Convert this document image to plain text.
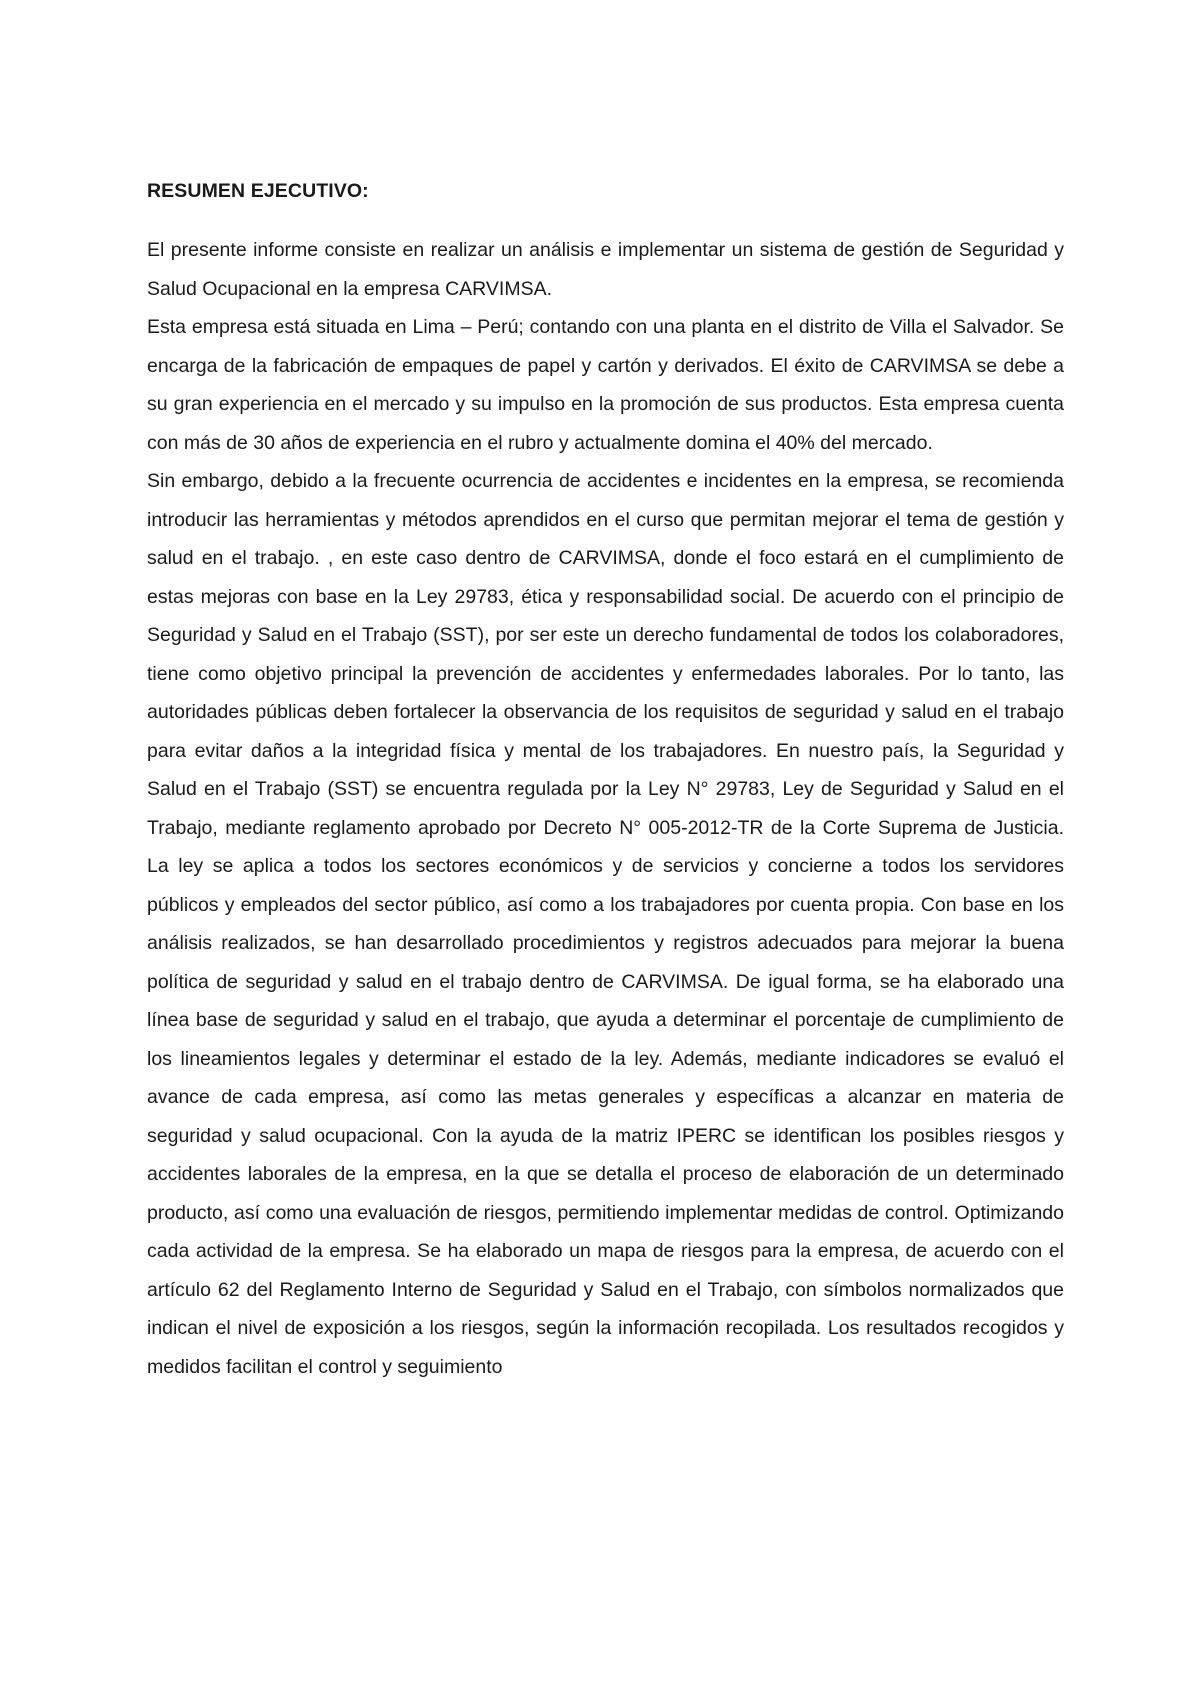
RESUMEN EJECUTIVO:

El presente informe consiste en realizar un análisis e implementar un sistema de gestión de Seguridad y Salud Ocupacional en la empresa CARVIMSA.

Esta empresa está situada en Lima – Perú; contando con una planta en el distrito de Villa el Salvador. Se encarga de la fabricación de empaques de papel y cartón y derivados. El éxito de CARVIMSA se debe a su gran experiencia en el mercado y su impulso en la promoción de sus productos. Esta empresa cuenta con más de 30 años de experiencia en el rubro y actualmente domina el 40% del mercado.

Sin embargo, debido a la frecuente ocurrencia de accidentes e incidentes en la empresa, se recomienda introducir las herramientas y métodos aprendidos en el curso que permitan mejorar el tema de gestión y salud en el trabajo. , en este caso dentro de CARVIMSA, donde el foco estará en el cumplimiento de estas mejoras con base en la Ley 29783, ética y responsabilidad social. De acuerdo con el principio de Seguridad y Salud en el Trabajo (SST), por ser este un derecho fundamental de todos los colaboradores, tiene como objetivo principal la prevención de accidentes y enfermedades laborales. Por lo tanto, las autoridades públicas deben fortalecer la observancia de los requisitos de seguridad y salud en el trabajo para evitar daños a la integridad física y mental de los trabajadores. En nuestro país, la Seguridad y Salud en el Trabajo (SST) se encuentra regulada por la Ley N° 29783, Ley de Seguridad y Salud en el Trabajo, mediante reglamento aprobado por Decreto N° 005-2012-TR de la Corte Suprema de Justicia. La ley se aplica a todos los sectores económicos y de servicios y concierne a todos los servidores públicos y empleados del sector público, así como a los trabajadores por cuenta propia. Con base en los análisis realizados, se han desarrollado procedimientos y registros adecuados para mejorar la buena política de seguridad y salud en el trabajo dentro de CARVIMSA. De igual forma, se ha elaborado una línea base de seguridad y salud en el trabajo, que ayuda a determinar el porcentaje de cumplimiento de los lineamientos legales y determinar el estado de la ley. Además, mediante indicadores se evaluó el avance de cada empresa, así como las metas generales y específicas a alcanzar en materia de seguridad y salud ocupacional. Con la ayuda de la matriz IPERC se identifican los posibles riesgos y accidentes laborales de la empresa, en la que se detalla el proceso de elaboración de un determinado producto, así como una evaluación de riesgos, permitiendo implementar medidas de control. Optimizando cada actividad de la empresa. Se ha elaborado un mapa de riesgos para la empresa, de acuerdo con el artículo 62 del Reglamento Interno de Seguridad y Salud en el Trabajo, con símbolos normalizados que indican el nivel de exposición a los riesgos, según la información recopilada. Los resultados recogidos y medidos facilitan el control y seguimiento
